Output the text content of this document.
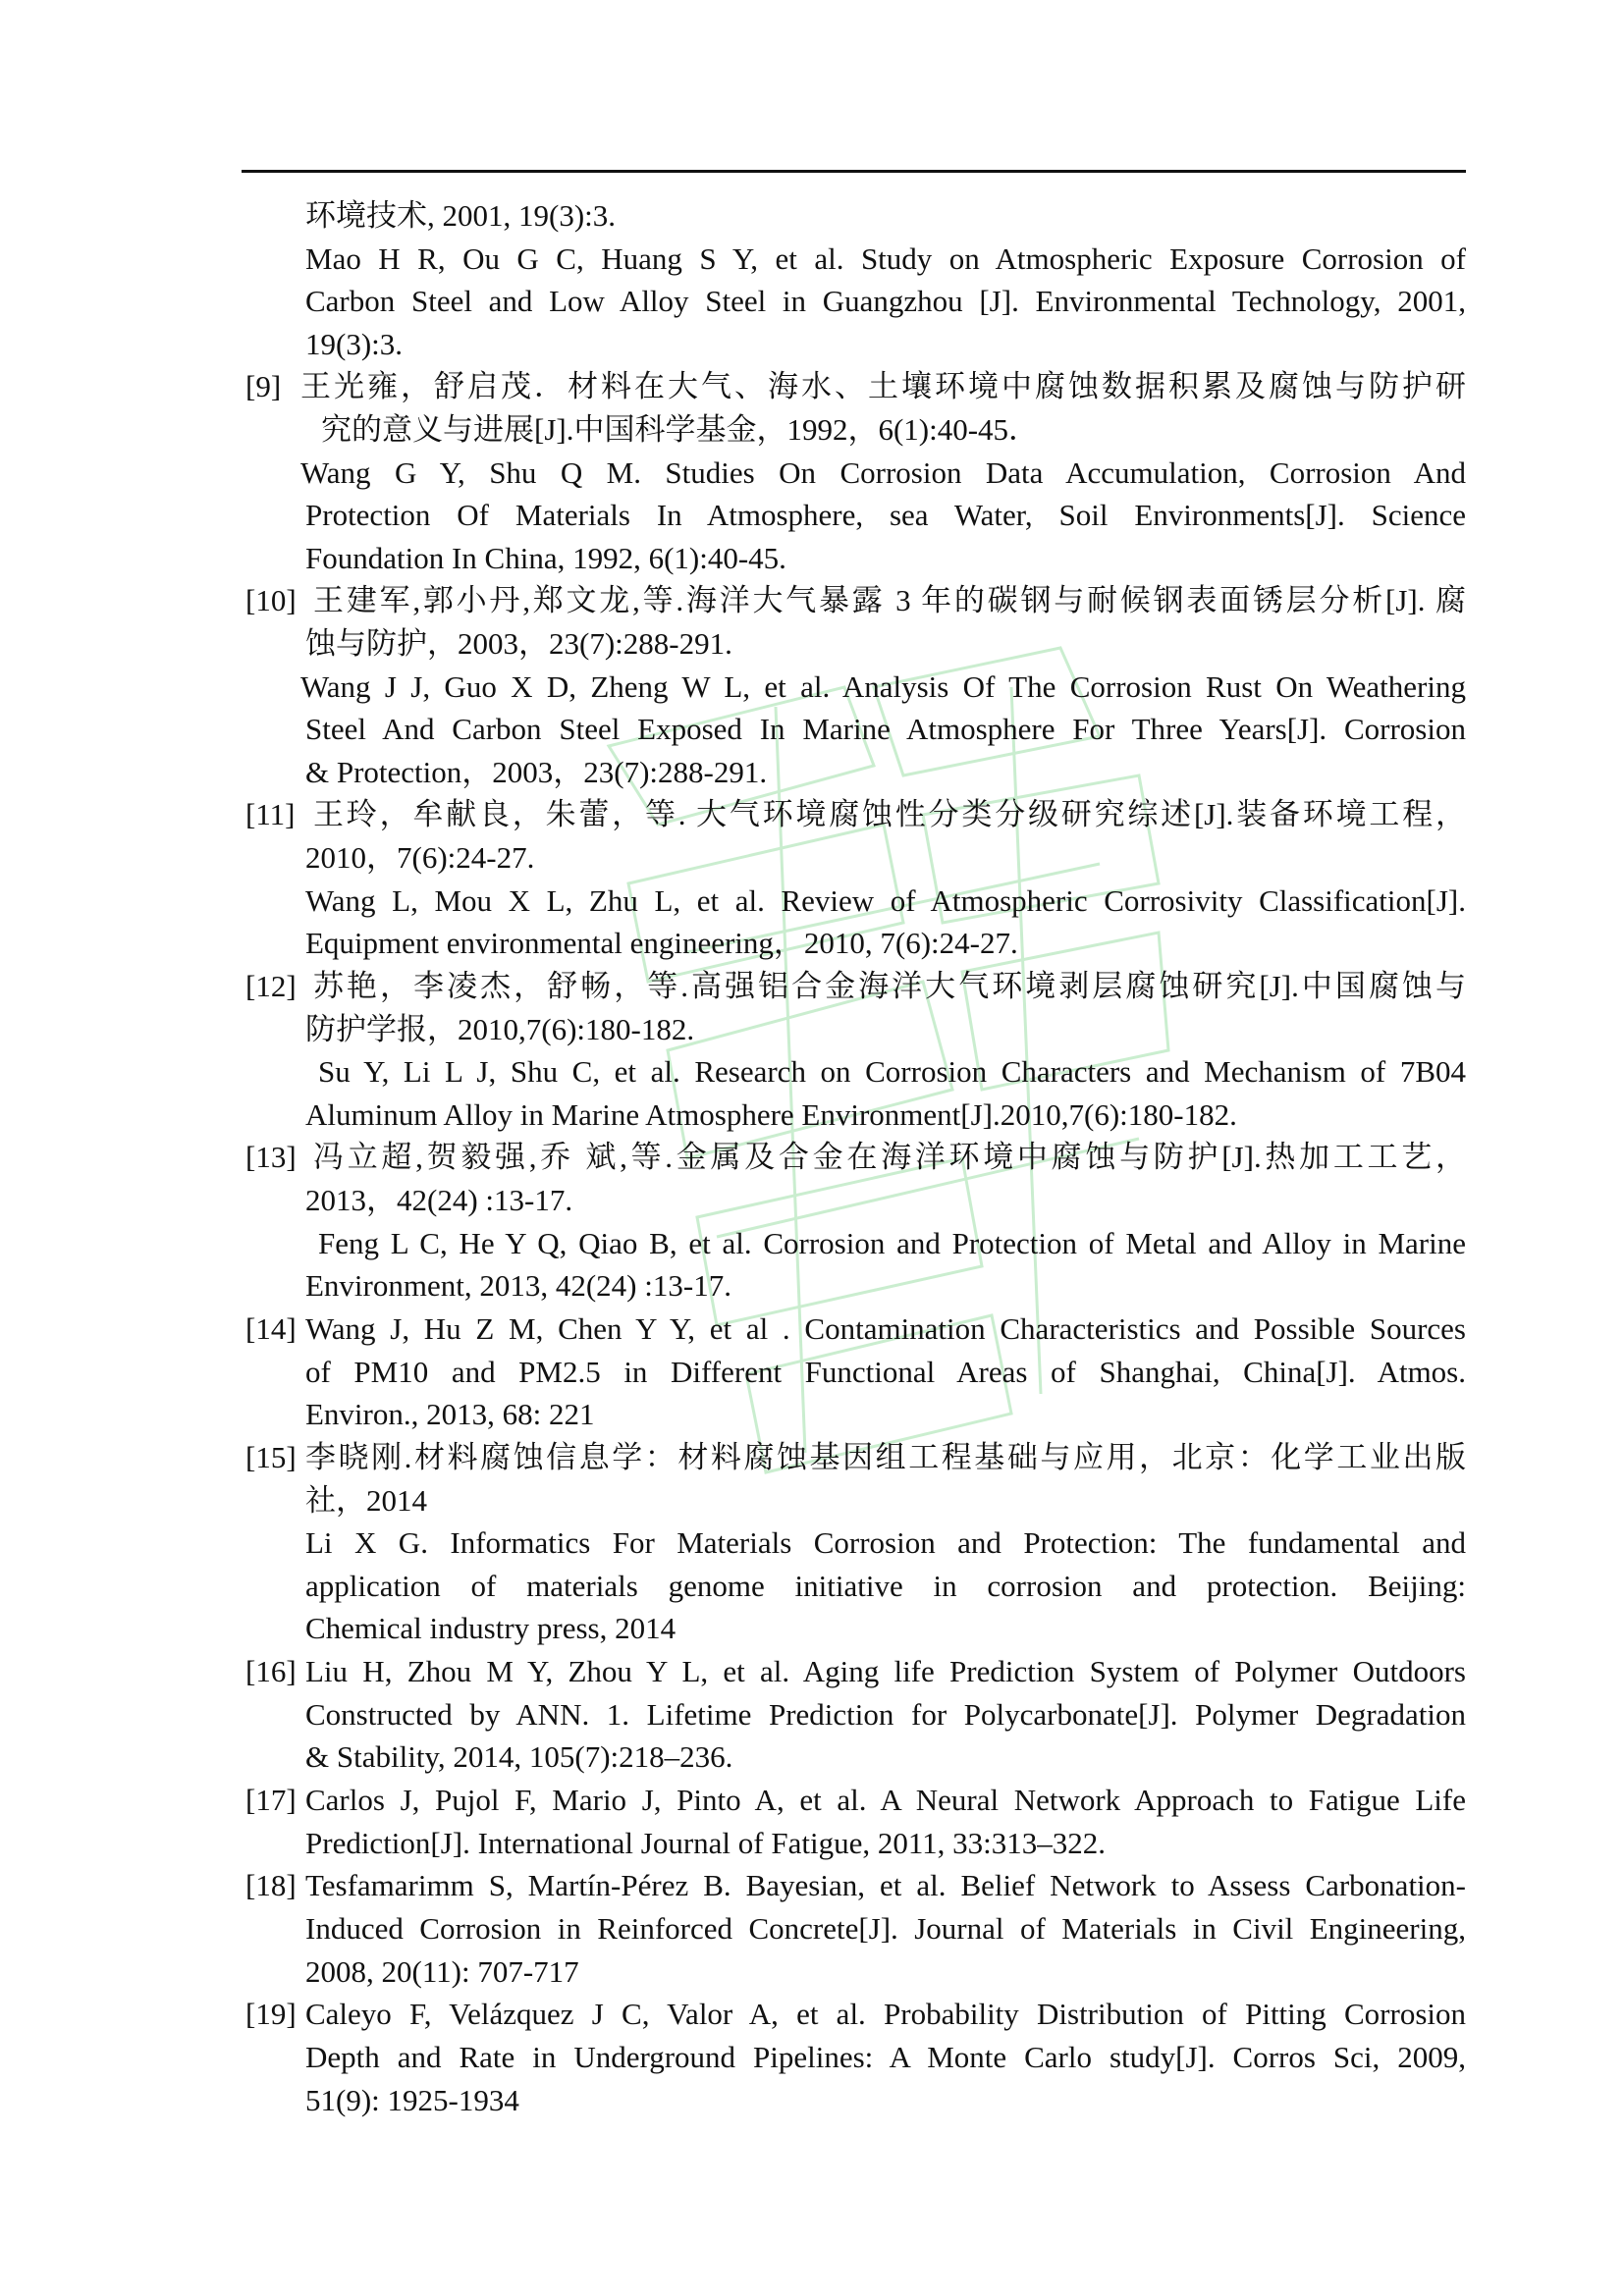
环境技术, 2001, 19(3):3.
Mao H R, Ou G C, Huang S Y, et al. Study on Atmospheric Exposure Corrosion of
Carbon Steel and Low Alloy Steel in Guangzhou [J]. Environmental Technology, 2001,
19(3):3.
[9] 王光雍，舒启茂．材料在大气、海水、土壤环境中腐蚀数据积累及腐蚀与防护研
究的意义与进展[J].中国科学基金，1992，6(1):40-45．
Wang G Y, Shu Q M. Studies On Corrosion Data Accumulation, Corrosion And
Protection Of Materials In Atmosphere, sea Water, Soil Environments[J]. Science
Foundation In China, 1992, 6(1):40-45.
[10] 王建军,郭小丹,郑文龙,等.海洋大气暴露 3 年的碳钢与耐候钢表面锈层分析[J]. 腐
蚀与防护，2003，23(7):288-291.
Wang J J, Guo X D, Zheng W L, et al. Analysis Of The Corrosion Rust On Weathering
Steel And Carbon Steel Exposed In Marine Atmosphere For Three Years[J]. Corrosion
& Protection，2003，23(7):288-291.
[11] 王玲，牟献良，朱蕾，等. 大气环境腐蚀性分类分级研究综述[J].装备环境工程，
2010，7(6):24-27.
Wang L, Mou X L, Zhu L, et al. Review of Atmospheric Corrosivity Classification[J].
Equipment environmental engineering，2010, 7(6):24-27.
[12] 苏艳，李凌杰，舒畅，等.高强铝合金海洋大气环境剥层腐蚀研究[J].中国腐蚀与
防护学报，2010,7(6):180-182.
Su Y, Li L J, Shu C, et al. Research on Corrosion Characters and Mechanism of 7B04
Aluminum Alloy in Marine Atmosphere Environment[J].2010,7(6):180-182.
[13] 冯立超,贺毅强,乔 斌,等.金属及合金在海洋环境中腐蚀与防护[J].热加工工艺，
2013，42(24) :13-17.
Feng L C, He Y Q, Qiao B, et al. Corrosion and Protection of Metal and Alloy in Marine
Environment, 2013, 42(24) :13-17.
[14] Wang J, Hu Z M, Chen Y Y, et al . Contamination Characteristics and Possible Sources
of PM10 and PM2.5 in Different Functional Areas of Shanghai, China[J]. Atmos.
Environ., 2013, 68: 221
[15] 李晓刚.材料腐蚀信息学：材料腐蚀基因组工程基础与应用，北京：化学工业出版
社，2014
Li X G. Informatics For Materials Corrosion and Protection: The fundamental and
application of materials genome initiative in corrosion and protection. Beijing:
Chemical industry press, 2014
[16] Liu H, Zhou M Y, Zhou Y L, et al. Aging life Prediction System of Polymer Outdoors
Constructed by ANN. 1. Lifetime Prediction for Polycarbonate[J]. Polymer Degradation
& Stability, 2014, 105(7):218–236.
[17] Carlos J, Pujol F, Mario J, Pinto A, et al. A Neural Network Approach to Fatigue Life
Prediction[J]. International Journal of Fatigue, 2011, 33:313–322.
[18] Tesfamarimm S, Martín-Pérez B. Bayesian, et al. Belief Network to Assess Carbonation-
Induced Corrosion in Reinforced Concrete[J]. Journal of Materials in Civil Engineering,
2008, 20(11): 707-717
[19] Caleyo F, Velázquez J C, Valor A, et al. Probability Distribution of Pitting Corrosion
Depth and Rate in Underground Pipelines: A Monte Carlo study[J]. Corros Sci, 2009,
51(9): 1925-1934
